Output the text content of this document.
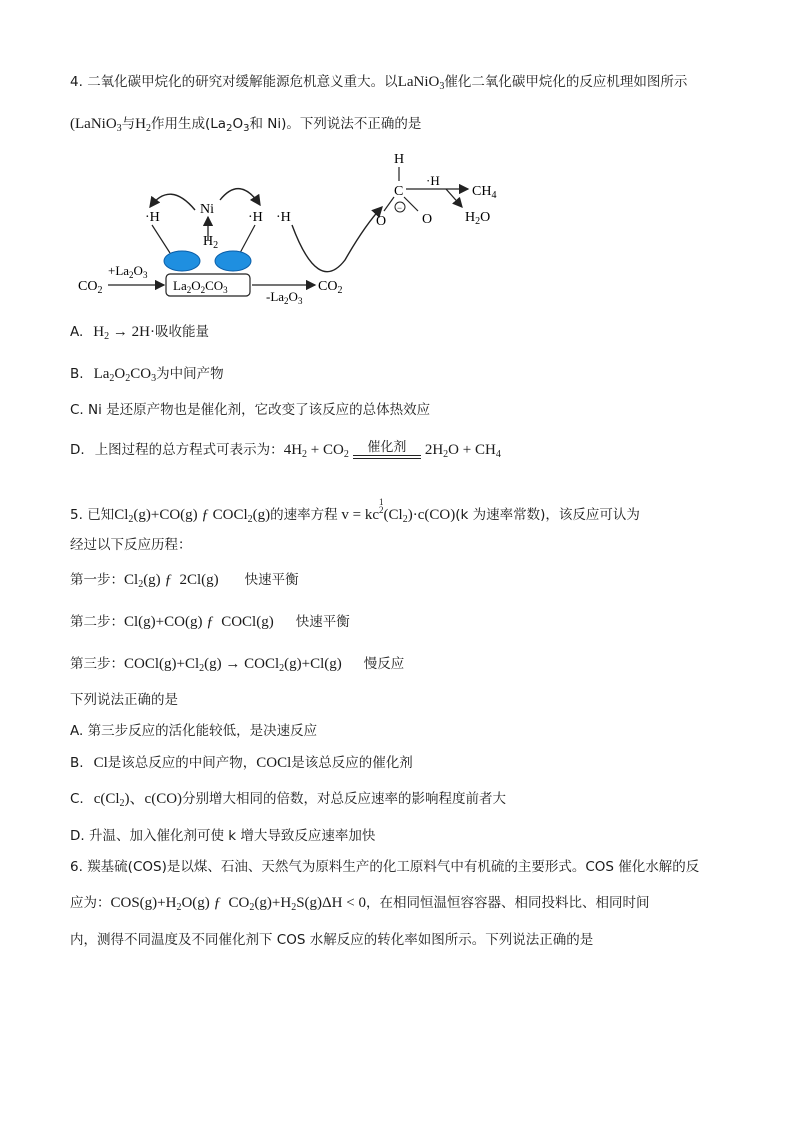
4. 二氧化碳甲烷化的研究对缓解能源危机意义重大。以LaNiO$_3$催化二氧化碳甲烷化的反应机理如图所示
(LaNiO$_3$与$H_2$作用生成($La_2O_3$和 Ni)。下列说法不正确的是
·H
Ni
$H_2$
·H ·H
$La_2O_2CO_3$
$CO_2$
$+La_2O_3$
$-La_2O_3$
$CO_2$
H
C
O	O
−
·H
$CH_4$
$H_2O$
A. $H_2 \to 2H\cdot$吸收能量
B. $La_2O_2CO_3$为中间产物
C. Ni 是还原产物也是催化剂，它改变了该反应的总体热效应
D. 上图过程的总方程式可表示为：$4H_2 + CO_2$	催化剂	$2H_2O + CH_4$
5. 已知$Cl_2(g)+CO(g)$ ƒ COCl$_2$(g)的速率方程 v = kc
1
2 $(Cl_2)\cdot c(CO)(k$ 为速率常数)，该反应可认为
经过以下反应历程：
第一步：$Cl_2(g)$ ƒ 2Cl(g) 快速平衡
第二步：Cl(g)+CO(g) ƒ COCl(g) 快速平衡
第三步：$COCl(g)+Cl_2(g)$ → COCl$_2$(g)+Cl(g) 慢反应
下列说法正确的是
A. 第三步反应的活化能较低，是决速反应
B. Cl是该总反应的中间产物，COCl是该总反应的催化剂
C. $c(Cl_2)$、c(CO)分别增大相同的倍数，对总反应速率的影响程度前者大
D. 升温、加入催化剂可使 k 增大导致反应速率加快
6. 羰基硫(COS)是以煤、石油、天然气为原料生产的化工原料气中有机硫的主要形式。COS 催化水解的反
应为：$COS(g)+H_2O(g)$ ƒ $CO_2(g)+H_2S(g)\Delta H < 0$，在相同恒温恒容容器、相同投料比、相同时间
内，测得不同温度及不同催化剂下 COS 水解反应的转化率如图所示。下列说法正确的是
